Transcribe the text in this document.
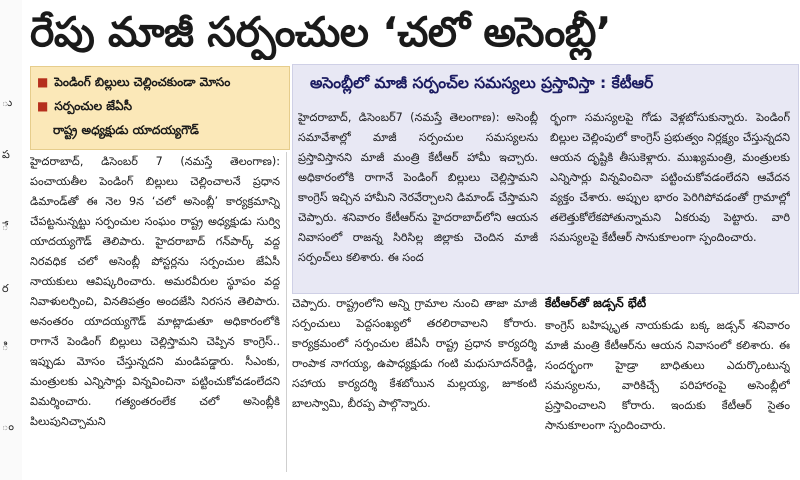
ు
ప
ే
ర
ి
ం
రేపు మాజీ సర్పంచుల ‘చలో అసెంబ్లీ’
■ పెండింగ్ బిల్లులు చెల్లించకుండా మోసం
■ సర్పంచుల జేఏసీ
రాష్ట్ర అధ్యక్షుడు యాదయ్యగౌడ్
హైదరాబాద్, డిసెంబర్ 7 (నమస్తే తెలంగాణ): పంచాయతీల పెండింగ్ బిల్లులు చెల్లించాలనే ప్రధాన డిమాండ్‌తో ఈ నెల 9న ‘చలో అసెంబ్లీ’ కార్యక్రమాన్ని చేపట్టనున్నట్టు సర్పంచుల సంఘం రాష్ట్ర అధ్యక్షుడు సుర్వి యాదయ్యగౌడ్ తెలిపారు. హైదరాబాద్ గన్‌పార్క్ వద్ద నిరవధిక చలో అసెంబ్లీ పోస్టర్లను సర్పంచుల జేఏసీ నాయకులు ఆవిష్కరించారు. అమరవీరుల స్థూపం వద్ద నివాళులర్పించి, వినతిపత్రం అందజేసి నిరసన తెలిపారు. అనంతరం యాదయ్యగౌడ్ మాట్లాడుతూ అధికారంలోకి రాగానే పెండింగ్ బిల్లులు చెల్లిస్తామని చెప్పిన కాంగ్రెస్.. ఇప్పుడు మోసం చేస్తున్నదని మండిపడ్డారు. సీఎంకు, మంత్రులకు ఎన్నిసార్లు విన్నవించినా పట్టించుకోవడంలేదని విమర్శించారు. గత్యంతరంలేక చలో అసెంబ్లీకి పిలుపునిచ్చామని
అసెంబ్లీలో మాజీ సర్పంచ్‌ల సమస్యలు ప్రస్తావిస్తా : కేటీఆర్
హైదరాబాద్, డిసెంబర్7 (నమస్తే తెలంగాణ): అసెంబ్లీ సమావేశాల్లో మాజీ సర్పంచుల సమస్యలను ప్రస్తావిస్తానని మాజీ మంత్రి కేటీఆర్ హామీ ఇచ్చారు. అధికారంలోకి రాగానే పెండింగ్ బిల్లులు చెల్లిస్తామని కాంగ్రెస్ ఇచ్చిన హామీని నెరవేర్చాలని డిమాండ్ చేస్తామని చెప్పారు. శనివారం కేటీఆర్‌ను హైదరాబాద్‌లోని ఆయన నివాసంలో రాజన్న సిరిసిల్ల జిల్లాకు చెందిన మాజీ సర్పంచ్‌లు కలిశారు. ఈ సంద
ర్భంగా సమస్యలపై గోడు వెళ్లబోసుకున్నారు. పెండింగ్ బిల్లుల చెల్లింపులో కాంగ్రెస్ ప్రభుత్వం నిర్లక్ష్యం చేస్తున్నదని ఆయన దృష్టికి తీసుకెళ్లారు. ముఖ్యమంత్రి, మంత్రులకు ఎన్నిసార్లు విన్నవించినా పట్టించుకోవడంలేదని ఆవేదన వ్యక్తం చేశారు. అప్పుల భారం పెరిగిపోవడంతో గ్రామాల్లో తలెత్తుకోలేకపోతున్నామని ఏకరువు పెట్టారు. వారి సమస్యలపై కేటీఆర్ సానుకూలంగా స్పందించారు.
చెప్పారు. రాష్ట్రంలోని అన్ని గ్రామాల నుంచి తాజా మాజీ సర్పంచులు పెద్దసంఖ్యలో తరలిరావాలని కోరారు. కార్యక్రమంలో సర్పంచుల జేఏసీ రాష్ట్ర ప్రధాన కార్యదర్శి రాంపాక నాగయ్య, ఉపాధ్యక్షుడు గంటి మధుసూదన్‌రెడ్డి, సహాయ కార్యదర్శి కేశబోయిన మల్లయ్య, జూకంటి బాలస్వామి, బీరప్ప పాల్గొన్నారు.
కేటీఆర్‌తో జడ్సన్ భేటీ
కాంగ్రెస్ బహిష్కృత నాయకుడు బక్క జడ్సన్ శనివారం మాజీ మంత్రి కేటీఆర్‌ను ఆయన నివాసంలో కలిశారు. ఈ సందర్భంగా హైడ్రా బాధితులు ఎదుర్కొంటున్న సమస్యలను, వారికిచ్చే పరిహారంపై అసెంబ్లీలో ప్రస్తావించాలని కోరారు. ఇందుకు కేటీఆర్ సైతం సానుకూలంగా స్పందించారు.
